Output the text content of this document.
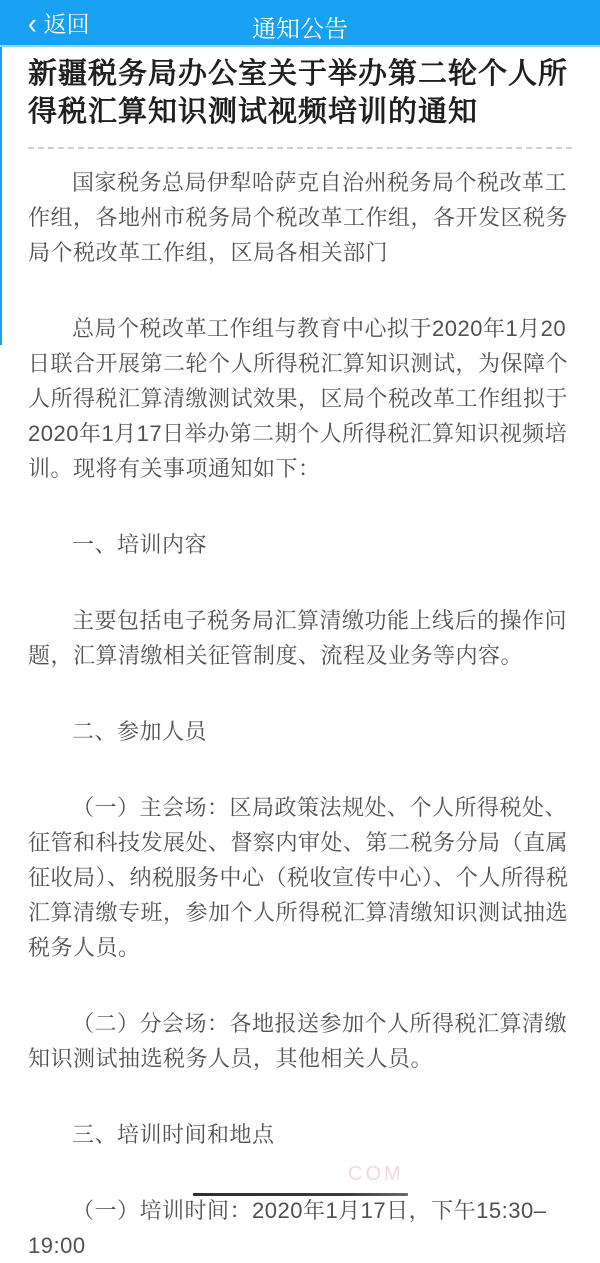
‹ 返回	通知公告
新疆税务局办公室关于举办第二轮个人所得税汇算知识测试视频培训的通知

国家税务总局伊犁哈萨克自治州税务局个税改革工作组，各地州市税务局个税改革工作组，各开发区税务局个税改革工作组，区局各相关部门

总局个税改革工作组与教育中心拟于2020年1月20日联合开展第二轮个人所得税汇算知识测试，为保障个人所得税汇算清缴测试效果，区局个税改革工作组拟于2020年1月17日举办第二期个人所得税汇算知识视频培训。现将有关事项通知如下：

一、培训内容

主要包括电子税务局汇算清缴功能上线后的操作问题，汇算清缴相关征管制度、流程及业务等内容。

二、参加人员

（一）主会场：区局政策法规处、个人所得税处、征管和科技发展处、督察内审处、第二税务分局（直属征收局）、纳税服务中心（税收宣传中心）、个人所得税汇算清缴专班，参加个人所得税汇算清缴知识测试抽选税务人员。

（二）分会场：各地报送参加个人所得税汇算清缴知识测试抽选税务人员，其他相关人员。

三、培训时间和地点

（一）培训时间：2020年1月17日，下午15:30–19:00

COM
